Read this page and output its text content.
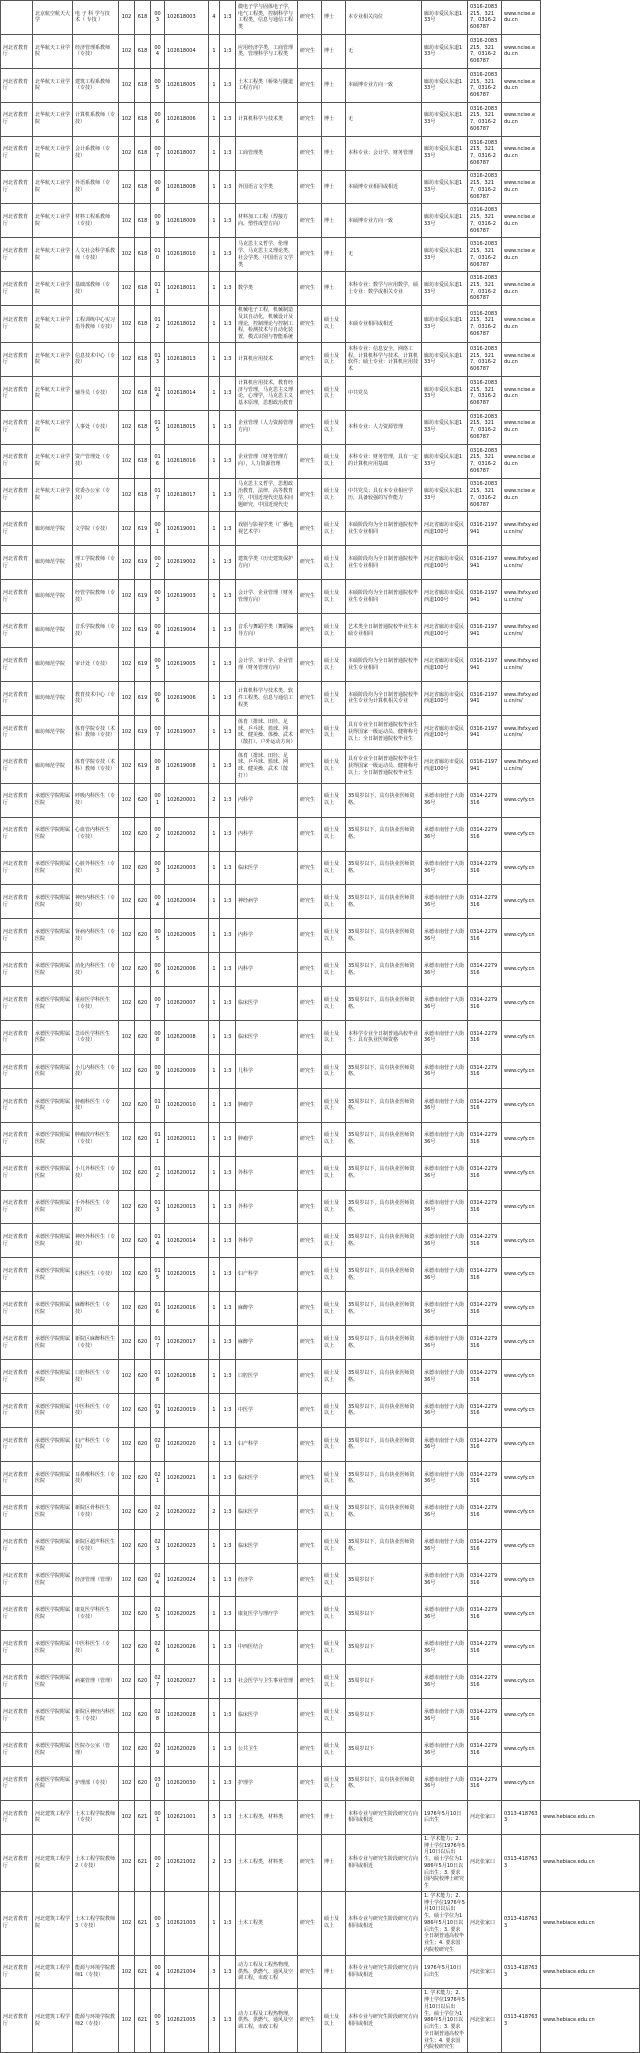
	北京航空航天大学	电 子 科 学与技 术（ 专技 ）	102	618	003	102618003	4	1:3	微电子学与固体电子学，电气工程类，控制科学与工程类，信息与通信工程类	研究生	博士	本专业相关岗位	廊坊市爱民东道133号	0316-2083215、3217、0316-2606787	www.ncise.edu.cn	
河北省教育厅	北华航天工业学院	经济管理系教师（专技）	102	618	004	102618004	1	1:3	应用经济学类，工商管理类，管理科学与工程类	研究生	博士	无	廊坊市爱民东道133号	0316-2083215、3217、0316-2606787	www.ncise.edu.cn	
河北省教育厅	北华航天工业学院	建筑工程系教师（专技）	102	618	005	102618005	1	1:3	土木工程类（桥梁与隧道工程方向）	研究生	博士	本硕博专业方向一致	廊坊市爱民东道133号	0316-2083215、3217、0316-2606787	www.ncise.edu.cn	
河北省教育厅	北华航天工业学院	计算机系教师（专技）	102	618	006	102618006	1	1:3	计算机科学与技术类	研究生	博士	无	廊坊市爱民东道133号	0316-2083215、3217、0316-2606787	www.ncise.edu.cn	
河北省教育厅	北华航天工业学院	会计系教师（专技）	102	618	007	102618007	1	1:3	工商管理类	研究生	博士	本科专业：会计学、财务管理	廊坊市爱民东道133号	0316-2083215、3217、0316-2606787	www.ncise.edu.cn	
河北省教育厅	北华航天工业学院	外语系教师（专技）	102	618	008	102618008	1	1:3	外国语言文学类	研究生	博士	本硕博专业相同或相近	廊坊市爱民东道133号	0316-2083215、3217、0316-2606787	www.ncise.edu.cn	
河北省教育厅	北华航天工业学院	材料工程系教师（专技）	102	618	009	102618009	1	1:3	材料加工工程（焊接方向、塑性成型方向）	研究生	博士	本硕博专业方向一致	廊坊市爱民东道133号	0316-2083215、3217、0316-2606787	www.ncise.edu.cn	
河北省教育厅	北华航天工业学院	人文社会科学系教师（专技）	102	618	010	102618010	1	1:3	马克思主义哲学、伦理学、马克思主义理论类、社会学类、中国语言文学类	研究生	博士	无	廊坊市爱民东道133号	0316-2083215、3217、0316-2606787	www.ncise.edu.cn	
河北省教育厅	北华航天工业学院	基础部教师（专技）	102	618	011	102618011	1	1:3	数学类	研究生	博士	本科专业：数学与应用数学，硕士专业：数学或相关专业	廊坊市爱民东道133号	0316-2083215、3217、0316-2606787	www.ncise.edu.cn	
河北省教育厅	北华航天工业学院	工程训练中心实习指导教师（专技）	102	618	012	102618012	1	1:3	机械电子工程，机械制造及其自动化，机械设计及理论，控制理论与控制工程，检测技术与自动化装置，模式识别与智能系统	研究生	硕士及以上	本硕专业相同或相近	廊坊市爱民东道133号	0316-2083215、3217、0316-2606787	www.ncise.edu.cn	
河北省教育厅	北华航天工业学院	信息技术中心（专技）	102	618	013	102618013	1	1:3	计算机应用技术	研究生	硕士及以上	本科专业：信息安全，网络工程，计算机科学与技术，计算机软件；硕士专业：计算机应用技术	廊坊市爱民东道133号	0316-2083215、3217、0316-2606787	www.ncise.edu.cn	
河北省教育厅	北华航天工业学院	辅导员（专技）	102	618	014	102618014	1	1:3	计算机应用技术，教育经济与管理，马克思主义理论，心理学，马克思主义基本原理，思想政治教育	研究生	硕士及以上	中共党员	廊坊市爱民东道133号	0316-2083215、3217、0316-2606787	www.ncise.edu.cn	
河北省教育厅	北华航天工业学院	人事处（专技）	102	618	015	102618015	1	1:3	企业管理（人力资源管理方向）	研究生	硕士及以上	本科专业：人力资源管理	廊坊市爱民东道133号	0316-2083215、3217、0316-2606787	www.ncise.edu.cn	
河北省教育厅	北华航天工业学院	资产管理处（专技）	102	618	016	102618016	1	1:3	企业管理（财务管理方向），人力资源管理	研究生	硕士及以上	本科专业：财务管理，具有一定的计算机应用基础	廊坊市爱民东道133号	0316-2083215、3217、0316-2606787	www.ncise.edu.cn	
河北省教育厅	北华航天工业学院	党委办公室（专技）	102	618	017	102618017	1	1:3	马克思主义哲学，思想政治教育，法律，高等教育学，中国近现代史基本问题研究，中国近现代史	研究生	硕士及以上	中共党员；具有本专业相应学历，具备较强的写作能力	廊坊市爱民东道133号	0316-2083215、3217、0316-2606787	www.ncise.edu.cn	
河北省教育厅	廊坊师范学院	文学院（专技）	102	619	001	102619001	1	1:3	戏剧与影视学类（广播电视艺术学）	研究生	硕士及以上	本硕阶段均为全日制普通院校毕业生专业相同	河北省廊坊市爱民西道100号	0316-2197941	www.lfsfxy.edu.cn/rs/	
河北省教育厅	廊坊师范学院	理工学院教师（专技）	102	619	002	102619002	1	1:3	建筑学类（历史建筑保护方向）	研究生	硕士及以上	本硕阶段均为全日制普通院校毕业生专业相同	河北省廊坊市爱民西道100号	0316-2197941	www.lfsfxy.edu.cn/rs/	
河北省教育厅	廊坊师范学院	经管学院教师（专技）	102	619	003	102619003	1	1:3	会计学、企业管理（财务管理方向）	研究生	硕士及以上	本硕阶段均为全日制普通院校毕业生专业相同	河北省廊坊市爱民西道100号	0316-2197941	www.lfsfxy.edu.cn/rs/	
河北省教育厅	廊坊师范学院	音乐学院教师（专技）	102	619	004	102619004	1	1:3	音乐与舞蹈学类（舞蹈编导方向）	研究生	硕士及以上	艺术类全日制普通院校毕业生本硕专业相同	河北省廊坊市爱民西道100号	0316-2197941	www.lfsfxy.edu.cn/rs/	
河北省教育厅	廊坊师范学院	审计处（专技）	102	619	005	102619005	1	1:3	会计学、审计学、企业管理（财务管理方向）	研究生	硕士及以上	本硕阶段均为全日制普通院校毕业生专业相同	河北省廊坊市爱民西道100号	0316-2197941	www.lfsfxy.edu.cn/rs/	
河北省教育厅	廊坊师范学院	教育技术中心（专技）	102	619	006	102619006	1	1:3	计算机科学与技术类、软件工程类、信息与通信工程类	研究生	硕士及以上	本硕阶段均为全日制普通院校毕业生专业为计算机相关专业	河北省廊坊市爱民西道100号	0316-2197941	www.lfsfxy.edu.cn/rs/	
河北省教育厅	廊坊师范学院	体育学院专技（术科）教师（专技）	102	619	007	102619007	1	1:3	体育（排球、田径、足球、乒乓球、篮球、网球、健美操、体操、武术（散打）、户外运动方向）	研究生	硕士及以上	具有专业全日制普通院校毕业生获得国家一级运动员、健将称号以上；全日制普通院校毕业生	河北省廊坊市爱民西道100号	0316-2197941	www.lfsfxy.edu.cn/rs/	
河北省教育厅	廊坊师范学院	体育学院专技（术科）教师（专技）	102	619	008	102619008	1	1:3	体育（排球、田径、足球、乒乓球、篮球、网球、健美操、武术（散打））	研究生	硕士及以上	具有专业全日制普通院校毕业生获得国家一级运动员、健将称号以上；全日制普通院校毕业生	河北省廊坊市爱民西道100号	0316-2197941	www.lfsfxy.edu.cn/rs/	
河北省教育厅	承德医学院附属医院	呼吸内科医生（专技）	102	620	001	102620001	2	1:3	内科学	研究生	硕士及以上	35周岁以下，具有执业医师资格。	承德市南营子大街36号	0314-2279316	www.cyfy.cn	
河北省教育厅	承德医学院附属医院	心血管内科医生（专技）	102	620	002	102620002	1	1:3	内科学	研究生	硕士及以上	35周岁以下，具有执业医师资格。	承德市南营子大街36号	0314-2279316	www.cyfy.cn	
河北省教育厅	承德医学院附属医院	心脏外科医生（专技）	102	620	003	102620003	1	1:3	临床医学	研究生	硕士及以上	35周岁以下，具有执业医师资格。	承德市南营子大街36号	0314-2279316	www.cyfy.cn	
河北省教育厅	承德医学院附属医院	神经内科医生（专技）	102	620	004	102620004	1	1:3	神经病学	研究生	硕士及以上	35周岁以下，具有执业医师资格。	承德市南营子大街36号	0314-2279316	www.cyfy.cn	
河北省教育厅	承德医学院附属医院	肾病内科医生（专技）	102	620	005	102620005	1	1:3	内科学	研究生	硕士及以上	35周岁以下，具有执业医师资格。	承德市南营子大街36号	0314-2279316	www.cyfy.cn	
河北省教育厅	承德医学院附属医院	消化内科医生（专技）	102	620	006	102620006	1	1:3	内科学	研究生	硕士及以上	35周岁以下，具有执业医师资格。	承德市南营子大街36号	0314-2279316	www.cyfy.cn	
河北省教育厅	承德医学院附属医院	重症医学科医生（专技）	102	620	007	102620007	1	1:3	临床医学	研究生	硕士及以上	35周岁以下，具有执业医师资格。	承德市南营子大街36号	0314-2279316	www.cyfy.cn	
河北省教育厅	承德医学院附属医院	急诊医学科医生（专技）	102	620	008	102620008	1	1:3	临床医学	研究生	硕士及以上	本科学专业全日制普通高校毕业生；具有执业医师资格	承德市南营子大街36号	0314-2279316	www.cyfy.cn	
河北省教育厅	承德医学院附属医院	小儿内科医生（专技）	102	620	009	102620009	1	1:3	儿科学	研究生	硕士及以上	35周岁以下，具有执业医师资格。	承德市南营子大街36号	0314-2279316	www.cyfy.cn	
河北省教育厅	承德医学院附属医院	肿瘤科医生（专技）	102	620	010	102620010	1	1:3	肿瘤学	研究生	硕士及以上	35周岁以下，具有执业医师资格。	承德市南营子大街36号	0314-2279316	www.cyfy.cn	
河北省教育厅	承德医学院附属医院	肿瘤放疗科医生（专技）	102	620	011	102620011	1	1:3	肿瘤学	研究生	硕士及以上	35周岁以下，具有执业医师资格。	承德市南营子大街36号	0314-2279316	www.cyfy.cn	
河北省教育厅	承德医学院附属医院	小儿外科医生（专技）	102	620	012	102620012	1	1:3	外科学	研究生	硕士及以上	35周岁以下，具有执业医师资格。	承德市南营子大街36号	0314-2279316	www.cyfy.cn	
河北省教育厅	承德医学院附属医院	手外科医生（专技）	102	620	013	102620013	1	1:3	外科学	研究生	硕士及以上	35周岁以下，具有执业医师资格。	承德市南营子大街36号	0314-2279316	www.cyfy.cn	
河北省教育厅	承德医学院附属医院	神经外科医生（专技）	102	620	014	102620014	1	1:3	外科学	研究生	硕士及以上	35周岁以下，具有执业医师资格。	承德市南营子大街36号	0314-2279316	www.cyfy.cn	
河北省教育厅	承德医学院附属医院	妇科医生（专技）	102	620	015	102620015	1	1:3	妇产科学	研究生	硕士及以上	35周岁以下，具有执业医师资格。	承德市南营子大街36号	0314-2279316	www.cyfy.cn	
河北省教育厅	承德医学院附属医院	麻醉科医生（专技）	102	620	016	102620016	1	1:3	麻醉学	研究生	硕士及以上	35周岁以下，具有执业医师资格。	承德市南营子大街36号	0314-2279316	www.cyfy.cn	
河北省教育厅	承德医学院附属医院	新院区麻醉科医生（专技）	102	620	017	102620017	1	1:3	麻醉学	研究生	硕士及以上	35周岁以下，具有执业医师资格。	承德市南营子大街36号	0314-2279316	www.cyfy.cn	
河北省教育厅	承德医学院附属医院	口腔科医生（专技）	102	620	018	102620018	1	1:3	口腔医学	研究生	硕士及以上	35周岁以下，具有执业医师资格。	承德市南营子大街36号	0314-2279316	www.cyfy.cn	
河北省教育厅	承德医学院附属医院	中医科医生（专技）	102	620	019	102620019	1	1:3	中医学	研究生	硕士及以上	35周岁以下，具有执业医师资格。	承德市南营子大街36号	0314-2279316	www.cyfy.cn	
河北省教育厅	承德医学院附属医院	妇产科医生（专技）	102	620	020	102620020	1	1:3	妇产科学	研究生	硕士及以上	35周岁以下，具有执业医师资格。	承德市南营子大街36号	0314-2279316	www.cyfy.cn	
河北省教育厅	承德医学院附属医院	耳鼻喉科医生（专技）	102	620	021	102620021	1	1:3	临床医学	研究生	硕士及以上	35周岁以下，具有执业医师资格。	承德市南营子大街36号	0314-2279316	www.cyfy.cn	
河北省教育厅	承德医学院附属医院	新院区骨科医生（专技）	102	620	022	102620022	2	1:3	临床医学	研究生	硕士及以上	35周岁以下，具有执业医师资格。	承德市南营子大街36号	0314-2279316	www.cyfy.cn	
河北省教育厅	承德医学院附属医院	新院区超声科医生（专技）	102	620	023	102620023	1	1:3	临床医学	研究生	硕士及以上	35周岁以下，具有执业医师资格。	承德市南营子大街36号	0314-2279316	www.cyfy.cn	
河北省教育厅	承德医学院附属医院	经济管理（管理）	102	620	024	102620024	1	1:3	经济学	研究生	硕士及以上	35周岁以下	承德市南营子大街36号	0314-2279316	www.cyfy.cn	
河北省教育厅	承德医学院附属医院	康复医学科医生（专技）	102	620	025	102620025	1	1:3	康复医学与理疗学	研究生	硕士及以上	35周岁以下	承德市南营子大街36号	0314-2279316	www.cyfy.cn	
河北省教育厅	承德医学院附属医院	中医科医生（专技）	102	620	026	102620026	1	1:3	中西医结合	研究生	硕士及以上	35周岁以下	承德市南营子大街36号	0314-2279316	www.cyfy.cn	
河北省教育厅	承德医学院附属医院	病案管理（管理）	102	620	027	102620027	1	1:3	社会医学与卫生事业管理	研究生	硕士及以上	35周岁以下	承德市南营子大街36号	0314-2279316	www.cyfy.cn	
河北省教育厅	承德医学院附属医院	新院区神经内科医生（专技）	102	620	028	102620028	1	1:3	临床医学	研究生	硕士及以上	35周岁以下	承德市南营子大街36号	0314-2279316	www.cyfy.cn	
河北省教育厅	承德医学院附属医院	医院办公室（管理）	102	620	029	102620029	1	1:3	公共卫生	研究生	硕士及以上	35周岁以下	承德市南营子大街36号	0314-2279316	www.cyfy.cn	
河北省教育厅	承德医学院附属医院	护理部（专技）	102	620	030	102620030	1	1:3	护理学	研究生	硕士及以上	35周岁以下，具有执业医师资格。	承德市南营子大街36号	0314-2279316	www.cyfy.cn	
河北省教育厅	河北建筑工程学院	土木工程学院教师（专技）	102	621	001	102621001	3	1:3	土木工程类，材料类	研究生	博士	本科专业与研究生阶段研究方向相同或相近	1976年5月10日后出生	河北张家口	0313-4187633	www.hebiace.edu.cn
河北省教育厅	河北建筑工程学院	土木工程学院教师2（专技）	102	621	002	102621002	2	1:3	土木工程类，材料类	研究生	博士	本科专业与研究生阶段研究方向相同或相近	1. 学术能力；2. 博士学位1976年5月10日以后出生，硕士学位为1986年5月10日以后出生；3. 要求国内院校博士研究生	河北张家口	0313-4187633	www.hebiace.edu.cn
河北省教育厅	河北建筑工程学院	土木工程学院教师3（专技）	102	621	003	102621003	1	1:3	土木工程类	研究生	硕士及以上	本科专业与研究生阶段研究方向相同或相近	1. 学术能力；2. 博士学位1976年5月10日以后出生，硕士学位为1986年5月10日以后出生；3. 要求全日制普通高校毕业生；4. 要求国内院校研究生	河北张家口	0313-4187633	www.hebiace.edu.cn
河北省教育厅	河北建筑工程学院	能源与环境学院教师1（专技）	102	621	004	102621004	3	1:3	动力工程及工程热物理，供热、供燃气、通风及空调工程，市政工程	研究生	博士	本科专业与研究生阶段研究方向相同或相近	1976年5月10日后出生	河北张家口	0313-4187633	www.hebiace.edu.cn
河北省教育厅	河北建筑工程学院	能源与环境学院教师2（专技）	102	621	005	102621005	3	1:3	动力工程及工程热物理，供热、供燃气、通风及空调工程，市政工程	研究生	硕士及以上	本科专业与研究生阶段研究方向相同或相近	1. 学术能力；2. 博士学位1976年5月10日以后出生，硕士学位为1986年5月10日以后出生；3. 要求全日制普通高校毕业生；4. 要求国内院校研究生	河北张家口	0313-4187633	www.hebiace.edu.cn
